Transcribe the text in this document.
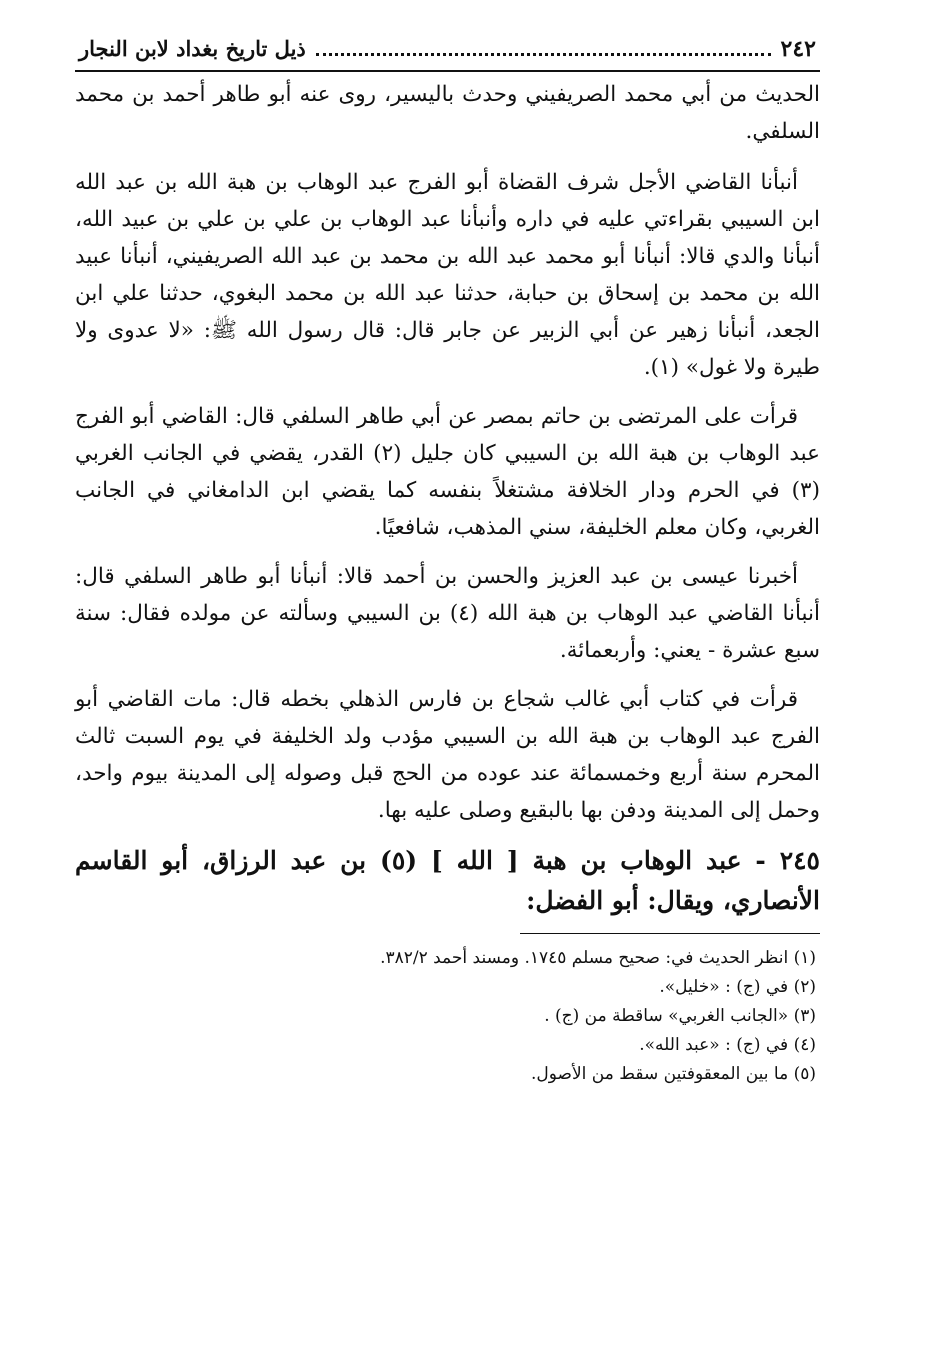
٢٤٢
ذيل تاريخ بغداد لابن النجار

الحديث من أبي محمد الصريفيني وحدث باليسير، روى عنه أبو طاهر أحمد بن محمد السلفي.

أنبأنا القاضي الأجل شرف القضاة أبو الفرج عبد الوهاب بن هبة الله بن عبد الله ابن السيبي بقراءتي عليه في داره وأنبأنا عبد الوهاب بن علي بن علي بن عبيد الله، أنبأنا والدي قالا: أنبأنا أبو محمد عبد الله بن محمد بن عبد الله الصريفيني، أنبأنا عبيد الله بن محمد بن إسحاق بن حبابة، حدثنا عبد الله بن محمد البغوي، حدثنا علي ابن الجعد، أنبأنا زهير عن أبي الزبير عن جابر قال: قال رسول الله ﷺ: «لا عدوى ولا طيرة ولا غول» (١).

قرأت على المرتضى بن حاتم بمصر عن أبي طاهر السلفي قال: القاضي أبو الفرج عبد الوهاب بن هبة الله بن السيبي كان جليل (٢) القدر، يقضي في الجانب الغربي (٣) في الحرم ودار الخلافة مشتغلاً بنفسه كما يقضي ابن الدامغاني في الجانب الغربي، وكان معلم الخليفة، سني المذهب، شافعيًا.

أخبرنا عيسى بن عبد العزيز والحسن بن أحمد قالا: أنبأنا أبو طاهر السلفي قال: أنبأنا القاضي عبد الوهاب بن هبة الله (٤) بن السيبي وسألته عن مولده فقال: سنة سبع عشرة - يعني: وأربعمائة.

قرأت في كتاب أبي غالب شجاع بن فارس الذهلي بخطه قال: مات القاضي أبو الفرج عبد الوهاب بن هبة الله بن السيبي مؤدب ولد الخليفة في يوم السبت ثالث المحرم سنة أربع وخمسمائة عند عوده من الحج قبل وصوله إلى المدينة بيوم واحد، وحمل إلى المدينة ودفن بها بالبقيع وصلى عليه بها.

٢٤٥ - عبد الوهاب بن هبة [ الله ] (٥) بن عبد الرزاق، أبو القاسم الأنصاري، ويقال: أبو الفضل:
(١) انظر الحديث في: صحيح مسلم ١٧٤٥. ومسند أحمد ٣٨٢/٢.
(٢) في (ج) : «خليل».
(٣) «الجانب الغربي» ساقطة من (ج) .
(٤) في (ج) : «عبد الله».
(٥) ما بين المعقوفتين سقط من الأصول.
